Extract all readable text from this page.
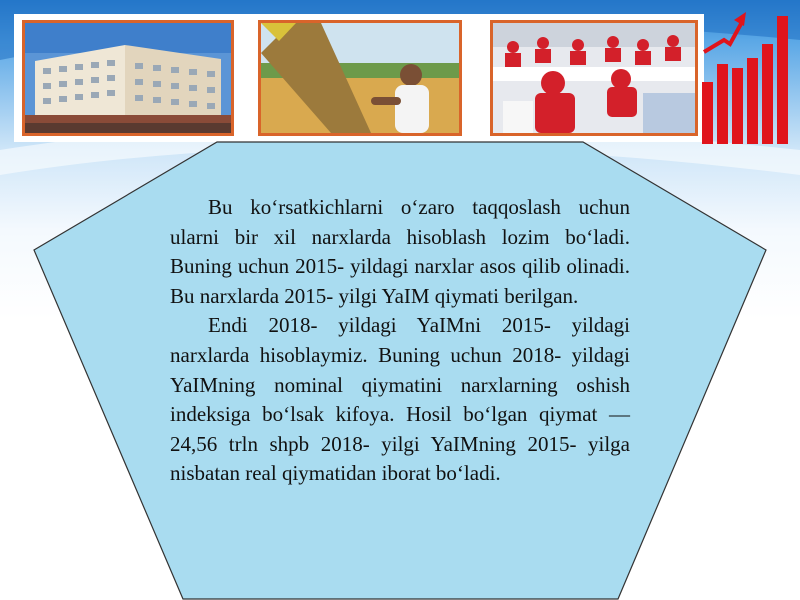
Bu koʻrsatkichlarni oʻzaro taqqoslash uchun ularni bir xil narxlarda hisoblash lozim boʻladi. Buning uchun 2015- yildagi narxlar asos qilib olinadi. Bu narxlarda 2015- yilgi YaIM qiymati berilgan.

Endi 2018- yildagi YaIMni 2015- yildagi narxlarda hisoblaymiz. Buning uchun 2018- yildagi YaIMning nominal qiymatini narxlarning oshish indeksiga boʻlsak kifoya. Hosil boʻlgan qiymat — 24,56 trln shpb 2018- yilgi YaIMning 2015- yilga nisbatan real qiymatidan iborat boʻladi.
